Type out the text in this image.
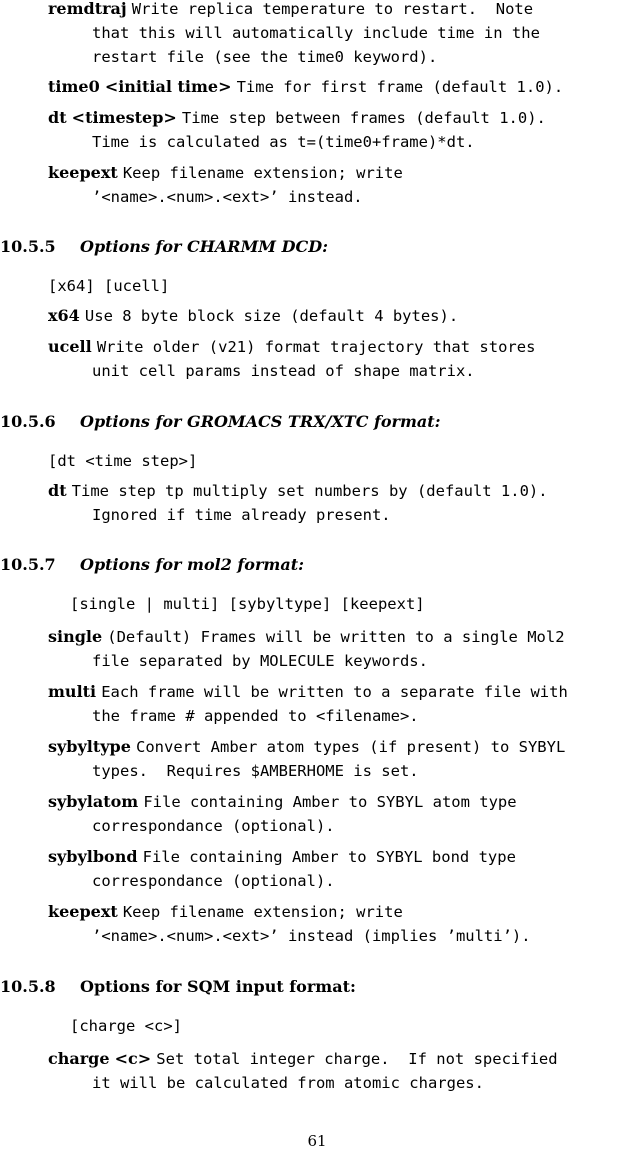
remdtraj Write replica temperature to restart.  Note
that this will automatically include time in the
restart file (see the time0 keyword).
time0 <initial time> Time for first frame (default 1.0).
dt <timestep> Time step between frames (default 1.0).
Time is calculated as t=(time0+frame)*dt.
keepext Keep filename extension; write
’<name>.<num>.<ext>’ instead.
10.5.5 Options for CHARMM DCD:
[x64] [ucell]
x64 Use 8 byte block size (default 4 bytes).
ucell Write older (v21) format trajectory that stores
unit cell params instead of shape matrix.
10.5.6 Options for GROMACS TRX/XTC format:
[dt <time step>]
dt Time step tp multiply set numbers by (default 1.0).
Ignored if time already present.
10.5.7 Options for mol2 format:
[single | multi] [sybyltype] [keepext]
single (Default) Frames will be written to a single Mol2
file separated by MOLECULE keywords.
multi Each frame will be written to a separate file with
the frame # appended to <filename>.
sybyltype Convert Amber atom types (if present) to SYBYL
types.  Requires $AMBERHOME is set.
sybylatom File containing Amber to SYBYL atom type
correspondance (optional).
sybylbond File containing Amber to SYBYL bond type
correspondance (optional).
keepext Keep filename extension; write
’<name>.<num>.<ext>’ instead (implies ’multi’).
10.5.8 Options for SQM input format:
[charge <c>]
charge <c> Set total integer charge.  If not specified
it will be calculated from atomic charges.
61
